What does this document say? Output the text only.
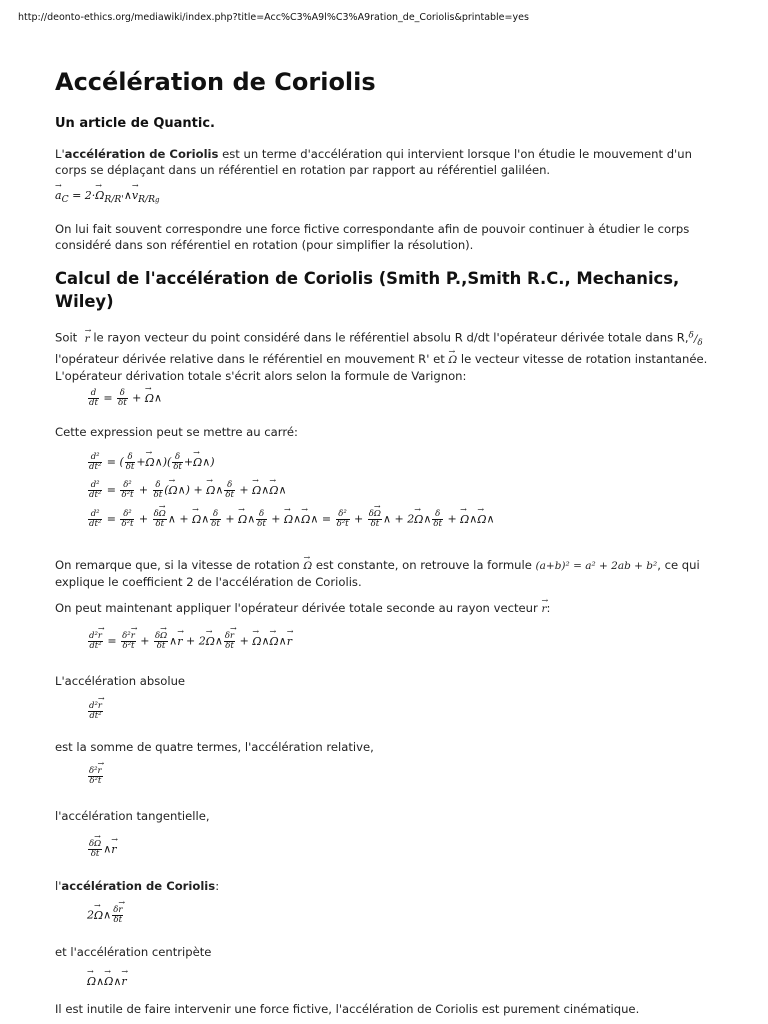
http://deonto-ethics.org/mediawiki/index.php?title=Acc%C3%A9l%C3%A9ration_de_Coriolis&printable=yes
Accélération de Coriolis
Un article de Quantic.

L'accélération de Coriolis est un terme d'accélération qui intervient lorsque l'on étudie le mouvement d'un corps se déplaçant dans un référentiel en rotation par rapport au référentiel galiléen.

→ $a_C = 2\cdot\to$ $\Omega_{R/R'}\wedge\to v_{R/Rg}$

On lui fait souvent correspondre une force fictive correspondante afin de pouvoir continuer à étudier le corps considéré dans son référentiel en rotation (pour simplifier la résolution).

Calcul de l'accélération de Coriolis (Smith P.,Smith R.C., Mechanics, Wiley)

Soit  → r le rayon vecteur du point considéré dans le référentiel absolu R d/dt l'opérateur dérivée totale dans $R,^\delta/_\delta$ l'opérateur dérivée relative dans le référentiel en mouvement R' et → Ω le vecteur vitesse de rotation instantanée. L'opérateur dérivation totale s'écrit alors selon la formule de Varignon:

$\frac{d}{dt} = \frac{\delta}{\delta t}$ + → Ω∧

Cette expression peut se mettre au carré:

$\frac{\text{d²}}{\text{dt²}}$ = ( $\frac{\delta}{\delta t}$ +→ Ω∧)( $\frac{\delta}{\delta t}$ +→ Ω∧)
$\frac{\text{d²}}{\text{dt²}} = \frac{\text{δ²}}{\text{δ²t}} + \frac{\delta}{\delta t}$ (→ Ω∧) + → Ω∧ $\frac{\delta}{\delta t}$ + → Ω∧→ Ω∧
$\frac{\text{d²}}{\text{dt²}} = \frac{\text{δ²}}{\text{δ²t}} + \frac{\delta\to \Omega}{\delta t}$ ∧ + → Ω∧ $\frac{\delta}{\delta t}$ + → Ω∧ $\frac{\delta}{\delta t}$ + → Ω∧→ Ω∧ = $\frac{\text{δ²}}{\text{δ²t}} + \frac{\delta\to \Omega}{\delta t}$ ∧ + 2→ Ω∧ $\frac{\delta}{\delta t}$ + → Ω∧→ Ω∧

On remarque que, si la vitesse de rotation → Ω est constante, on retrouve la formule (a+b)² = a² + 2ab + b², ce qui explique le coefficient 2 de l'accélération de Coriolis.

On peut maintenant appliquer l'opérateur dérivée totale seconde au rayon vecteur → r:

$\frac{\text{d²→ r}}{\text{dt²}} = \frac{\text{δ²→ r}}{\text{δ²t}} + \frac{\delta\to \Omega}{\delta t}$ ∧→ r + 2→ Ω∧ $\frac{\delta\to r}{\delta t}$ + → Ω∧→ Ω∧→ r

L'accélération absolue

$\frac{\text{d²→ r}}{\text{dt²}}$

est la somme de quatre termes, l'accélération relative,

$\frac{\text{δ²→ r}}{\text{δ²t}}$

l'accélération tangentielle,

$\frac{\delta\to \Omega}{\delta t}$ ∧→ r

l'accélération de Coriolis:

2→ Ω∧ $\frac{\delta\to r}{\delta t}$

et l'accélération centripète

→ Ω∧→ Ω∧→ r

Il est inutile de faire intervenir une force fictive, l'accélération de Coriolis est purement cinématique.
